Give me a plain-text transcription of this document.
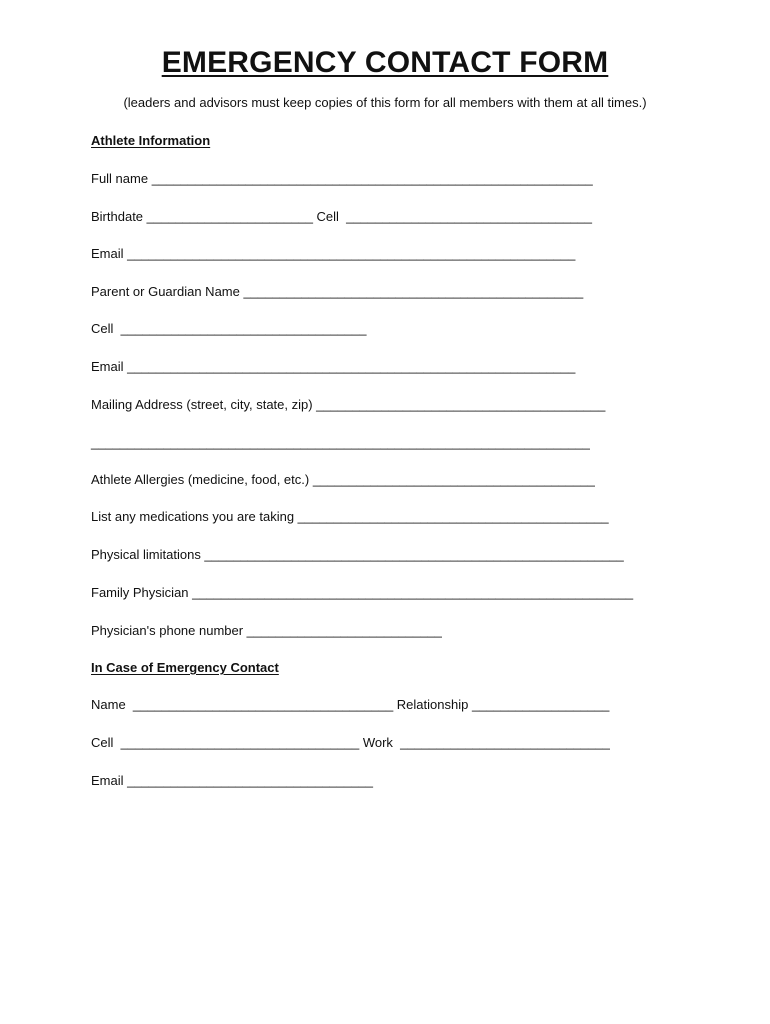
EMERGENCY CONTACT FORM
(leaders and advisors must keep copies of this form for all members with them at all times.)
Athlete Information
Full name _____________________________________________________________
Birthdate _______________________ Cell  __________________________________
Email ______________________________________________________________
Parent or Guardian Name _______________________________________________
Cell  __________________________________
Email ______________________________________________________________
Mailing Address (street, city, state, zip) ________________________________________
_____________________________________________________________________
Athlete Allergies (medicine, food, etc.) _______________________________________
List any medications you are taking ___________________________________________
Physical limitations __________________________________________________________
Family Physician _____________________________________________________________
Physician's phone number ___________________________
In Case of Emergency Contact
Name  ____________________________________ Relationship ___________________
Cell  _________________________________ Work  _____________________________
Email __________________________________
